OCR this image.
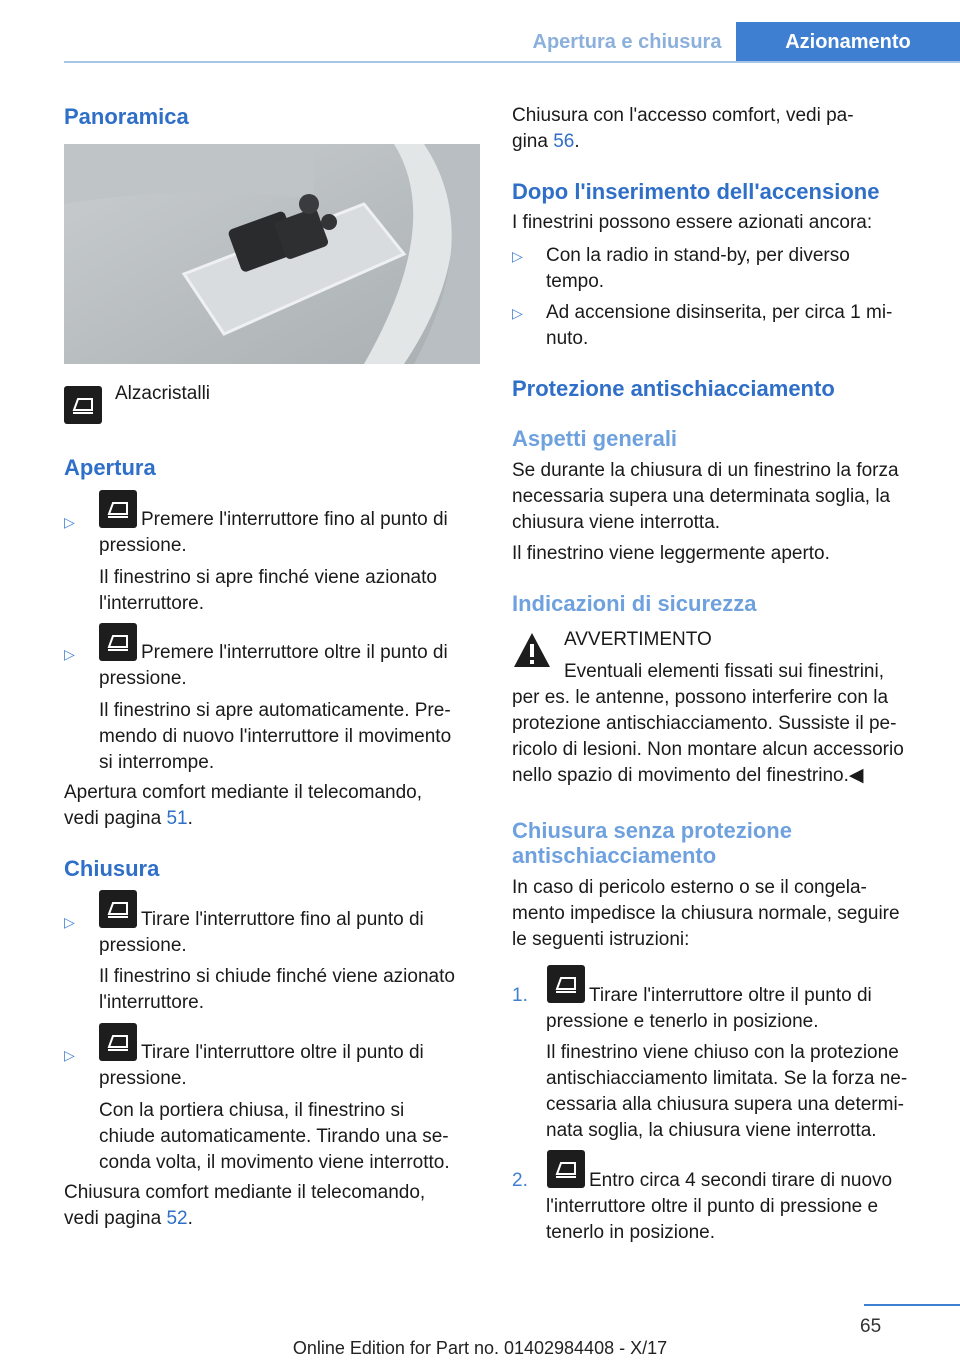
Apertura e chiusura	Azionamento
Panoramica
Alzacristalli
Apertura
▷	Premere l'interruttore fino al punto di
pressione.
Il finestrino si apre finché viene azionato
l'interruttore.
▷	Premere l'interruttore oltre il punto di
pressione.
Il finestrino si apre automaticamente. Pre-
mendo di nuovo l'interruttore il movimento
si interrompe.
Apertura comfort mediante il telecomando,
vedi pagina 51.
Chiusura
▷	Tirare l'interruttore fino al punto di
pressione.
Il finestrino si chiude finché viene azionato
l'interruttore.
▷	Tirare l'interruttore oltre il punto di
pressione.
Con la portiera chiusa, il finestrino si
chiude automaticamente. Tirando una se-
conda volta, il movimento viene interrotto.
Chiusura comfort mediante il telecomando,
vedi pagina 52.
Chiusura con l'accesso comfort, vedi pa-
gina 56.
Dopo l'inserimento dell'accensione
I finestrini possono essere azionati ancora:
▷ Con la radio in stand-by, per diverso
tempo.
▷ Ad accensione disinserita, per circa 1 mi-
nuto.
Protezione antischiacciamento
Aspetti generali
Se durante la chiusura di un finestrino la forza
necessaria supera una determinata soglia, la
chiusura viene interrotta.
Il finestrino viene leggermente aperto.
Indicazioni di sicurezza
AVVERTIMENTO
Eventuali elementi fissati sui finestrini,
per es. le antenne, possono interferire con la
protezione antischiacciamento. Sussiste il pe-
ricolo di lesioni. Non montare alcun accessorio
nello spazio di movimento del finestrino.◀
Chiusura senza protezione
antischiacciamento
In caso di pericolo esterno o se il congela-
mento impedisce la chiusura normale, seguire
le seguenti istruzioni:
1.	Tirare l'interruttore oltre il punto di
pressione e tenerlo in posizione.
Il finestrino viene chiuso con la protezione
antischiacciamento limitata. Se la forza ne-
cessaria alla chiusura supera una determi-
nata soglia, la chiusura viene interrotta.
2.	Entro circa 4 secondi tirare di nuovo
l'interruttore oltre il punto di pressione e
tenerlo in posizione.
65
Online Edition for Part no. 01402984408 - X/17
